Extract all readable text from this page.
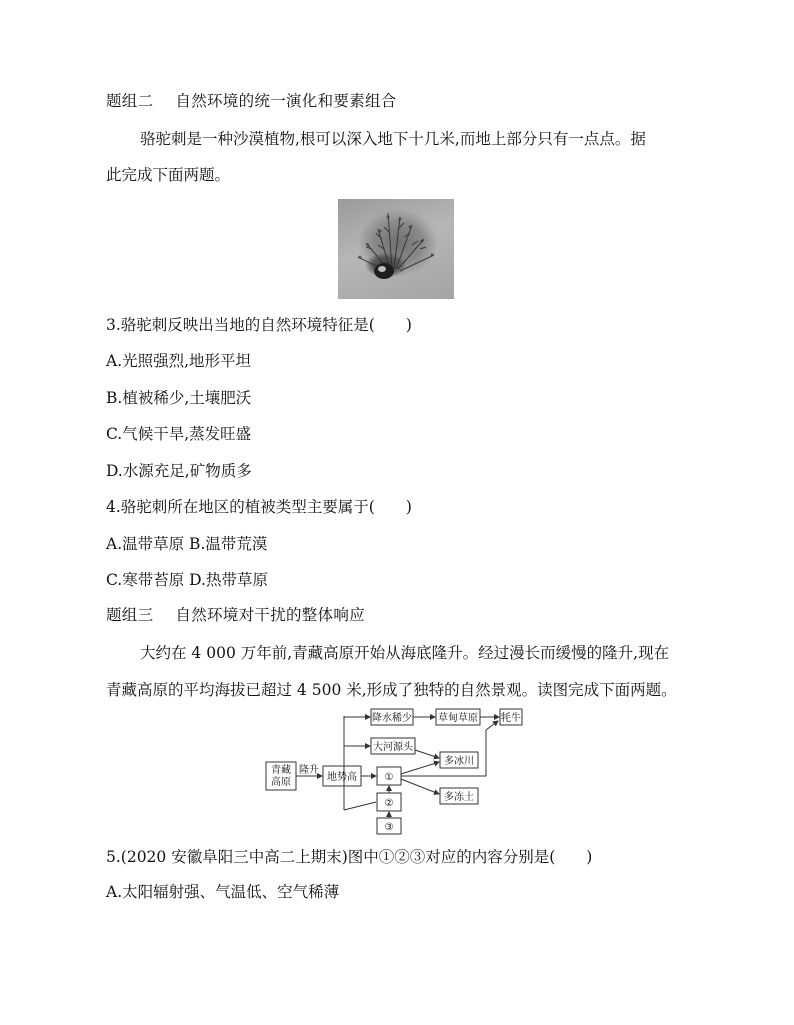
题组二 自然环境的统一演化和要素组合
骆驼刺是一种沙漠植物,根可以深入地下十几米,而地上部分只有一点点。据
此完成下面两题。
3.骆驼刺反映出当地的自然环境特征是(　　)
A.光照强烈,地形平坦
B.植被稀少,土壤肥沃
C.气候干旱,蒸发旺盛
D.水源充足,矿物质多
4.骆驼刺所在地区的植被类型主要属于(　　)
A.温带草原 B.温带荒漠
C.寒带苔原 D.热带草原
题组三 自然环境对干扰的整体响应
大约在 4 000 万年前,青藏高原开始从海底隆升。经过漫长而缓慢的隆升,现在
青藏高原的平均海拔已超过 4 500 米,形成了独特的自然景观。读图完成下面两题。
青藏
高原
隆升
地势高
降水稀少	草甸草原 牦牛
大河源头
①
多冰川
多冻土
②
③
5.(2020 安徽阜阳三中高二上期末)图中①②③对应的内容分别是(　　)
A.太阳辐射强、气温低、空气稀薄
